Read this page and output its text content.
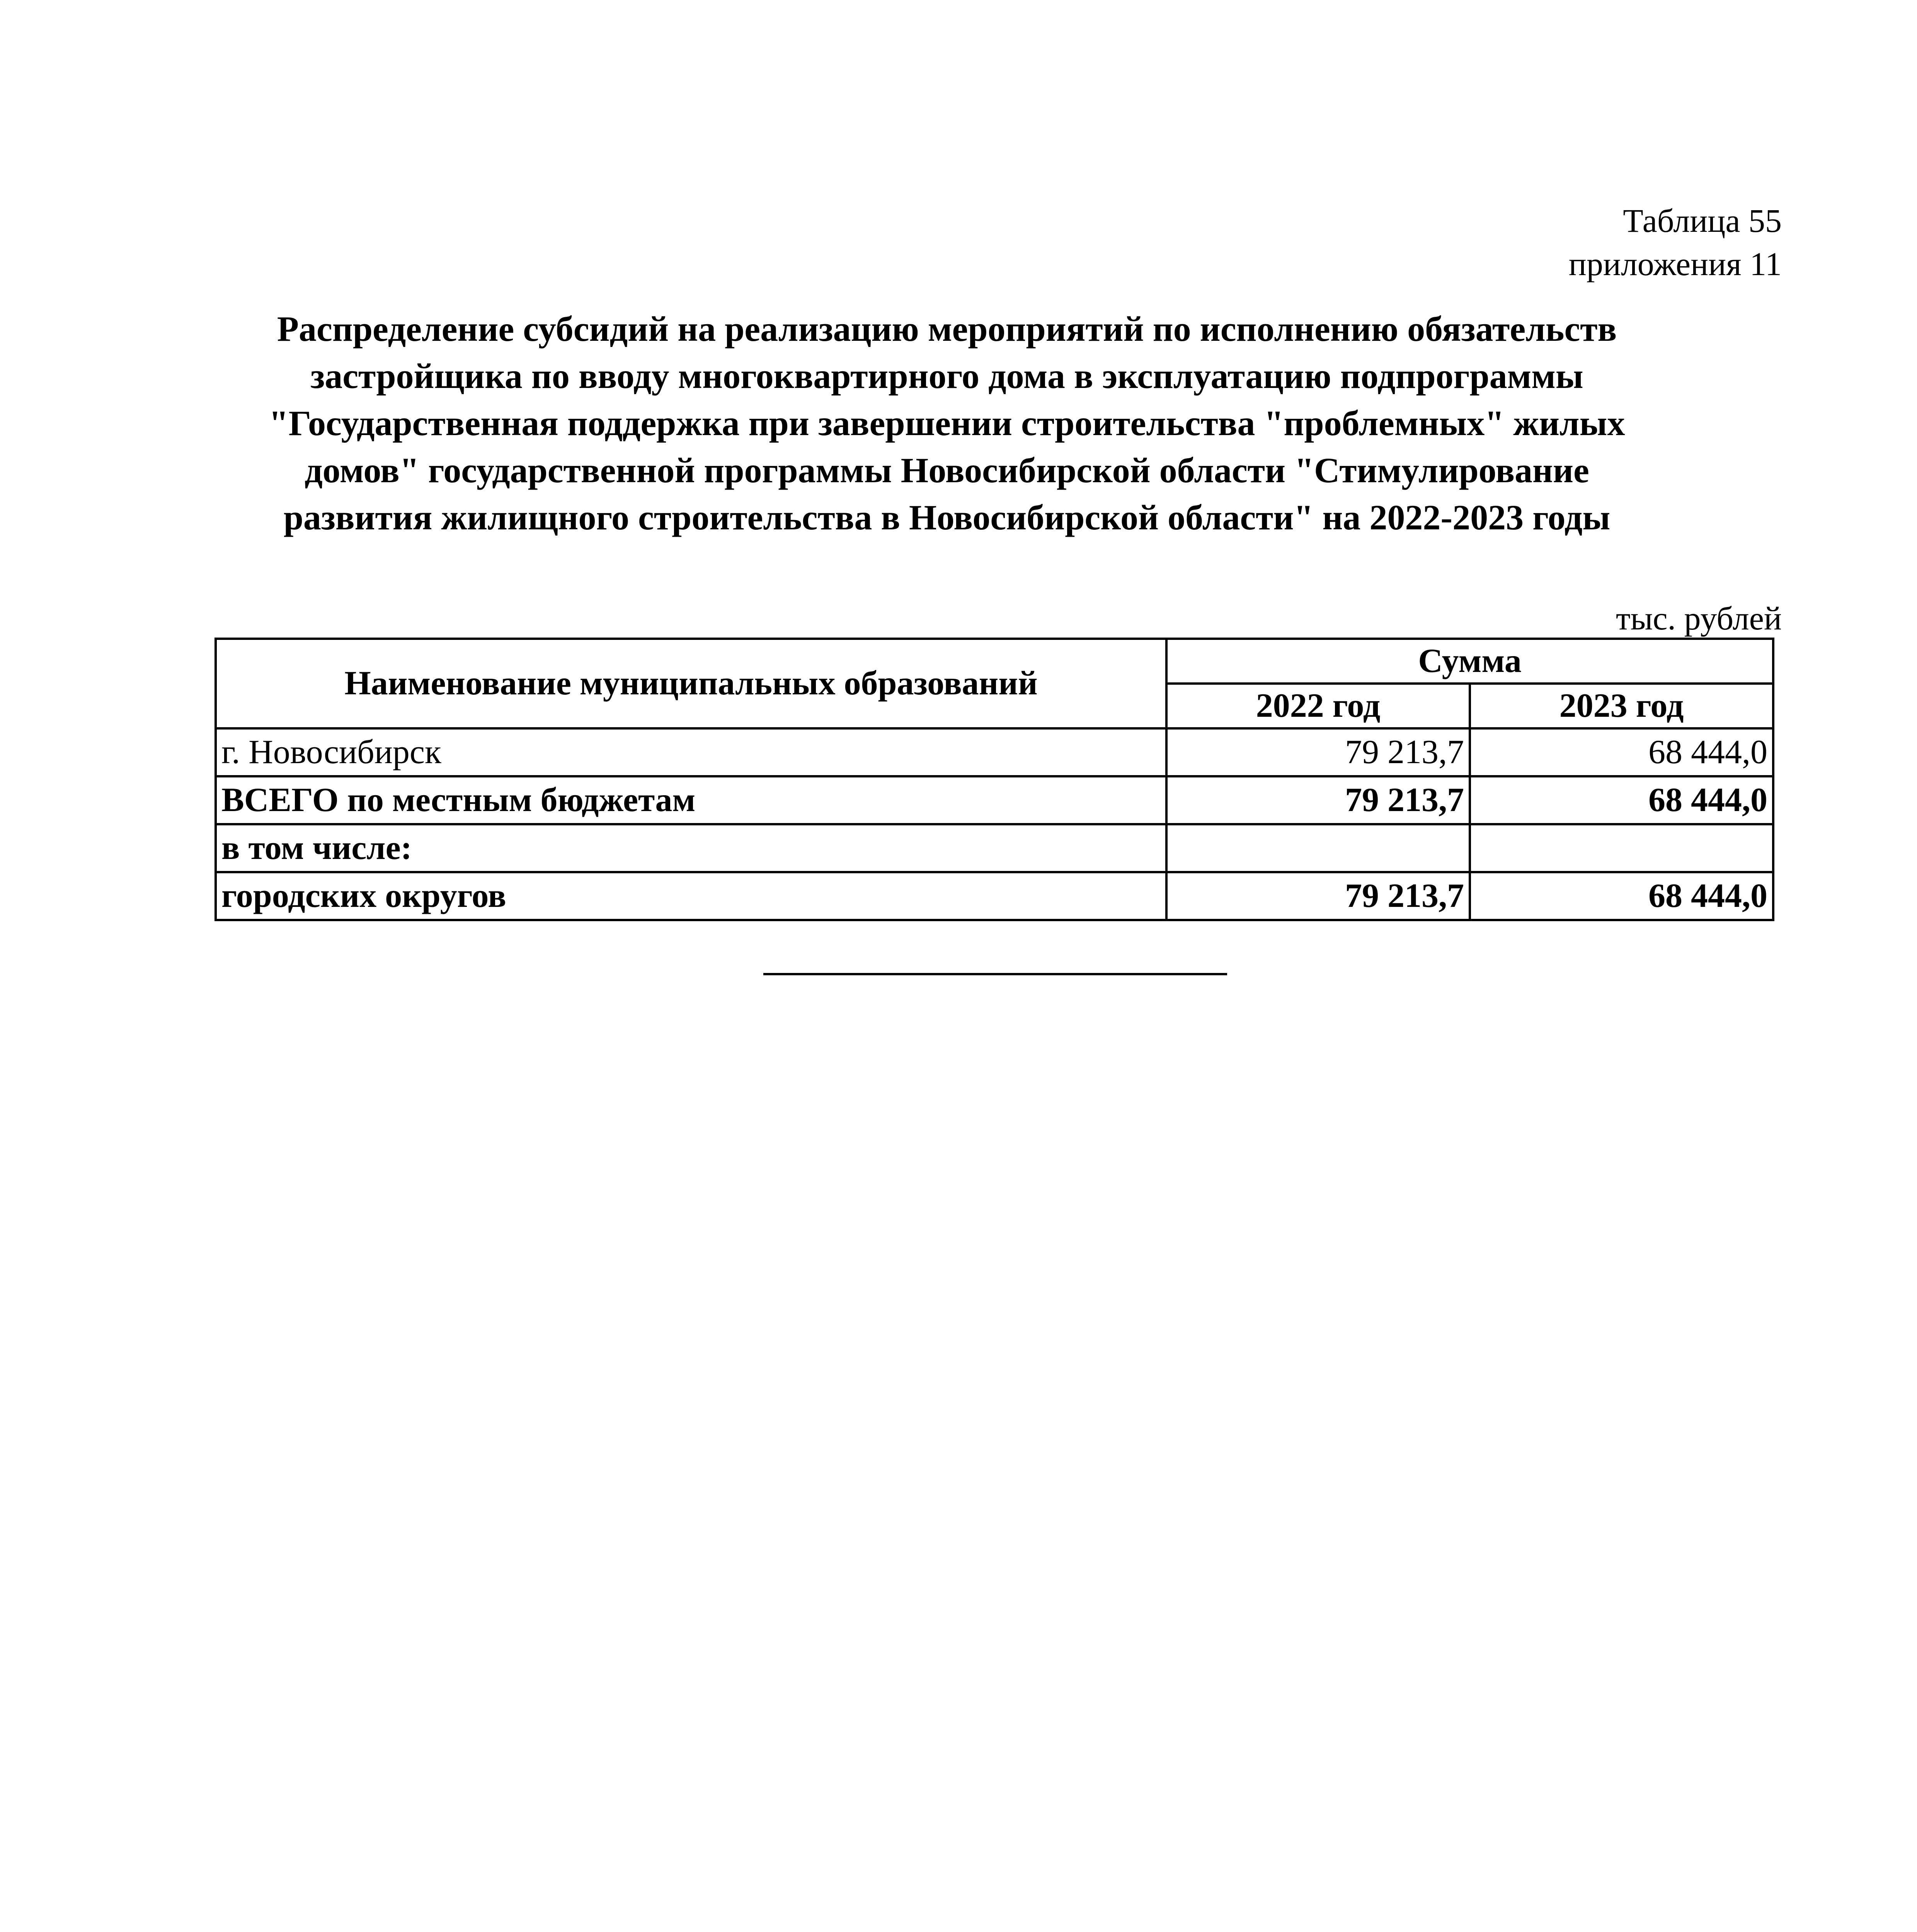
Таблица 55
приложения 11
Распределение субсидий на реализацию мероприятий по исполнению обязательств
застройщика по вводу многоквартирного дома в эксплуатацию подпрограммы
"Государственная поддержка при завершении строительства "проблемных" жилых
домов" государственной программы Новосибирской области "Стимулирование
развития жилищного строительства в Новосибирской области" на 2022-2023 годы
тыс. рублей
Наименование муниципальных образований	Сумма	
	2022 год	2023 год
г. Новосибирск	79 213,7	68 444,0
ВСЕГО по местным бюджетам	79 213,7	68 444,0
в том числе:		
городских округов	79 213,7	68 444,0
